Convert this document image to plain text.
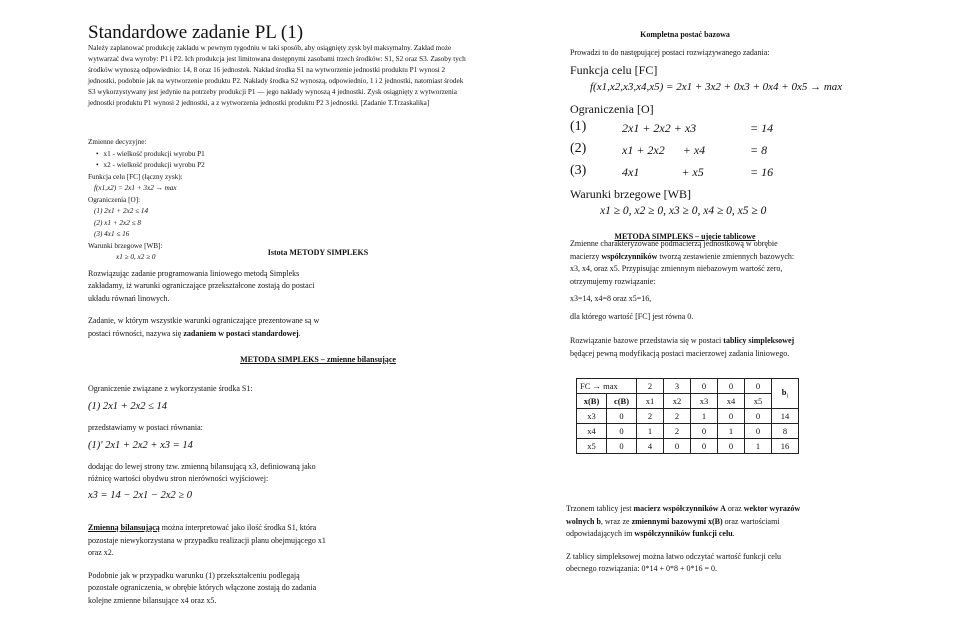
Standardowe zadanie PL (1)
Należy zaplanować produkcję zakładu w pewnym tygodniu w taki sposób, aby osiągnięty zysk był maksymalny. Zakład może wytwarzać dwa wyroby: P1 i P2. Ich produkcja jest limitowana dostępnymi zasobami trzech środków: S1, S2 oraz S3. Zasoby tych środków wynoszą odpowiednio: 14, 8 oraz 16 jednostek. Nakład środka S1 na wytworzenie jednostki produktu P1 wynosi 2 jednostki, podobnie jak na wytworzenie produktu P2. Nakłady środka S2 wynoszą, odpowiednio, 1 i 2 jednostki, natomiast środek S3 wykorzystywany jest jedynie na potrzeby produkcji P1 — jego nakłady wynoszą 4 jednostki. Zysk osiągnięty z wytworzenia jednostki produktu P1 wynosi 2 jednostki, a z wytworzenia jednostki produktu P2 3 jednostki. [Zadanie T.Trzaskalika]
Zmienne decyzyjne:
• x1 - wielkość produkcji wyrobu P1
• x2 - wielkość produkcji wyrobu P2
Funkcja celu [FC] (łączny zysk):
f(x1,x2) = 2x1 + 3x2 → max
Ograniczenia [O]:
(1) 2x1 + 2x2 ≤ 14
(2) x1 + 2x2 ≤ 8
(3) 4x1 ≤ 16
Warunki brzegowe [WB]:
x1 ≥ 0, x2 ≥ 0	Istota METODY SIMPLEKS

Rozwiązując zadanie programowania liniowego metodą Simpleks zakładamy, iż warunki ograniczające przekształcone zostają do postaci układu równań linowych.

Zadanie, w którym wszystkie warunki ograniczające prezentowane są w postaci równości, nazywa się zadaniem w postaci standardowej.

METODA SIMPLEKS – zmienne bilansujące

Ograniczenie związane z wykorzystanie środka S1:

(1) 2x1 + 2x2 ≤ 14

przedstawiamy w postaci równania:

(1)' 2x1 + 2x2 + x3 = 14

dodając do lewej strony tzw. zmienną bilansującą x3, definiowaną jako różnicę wartości obydwu stron nierówności wyjściowej:

x3 = 14 − 2x1 − 2x2 ≥ 0

Zmienną bilansującą można interpretować jako ilość środka S1, która pozostaje niewykorzystana w przypadku realizacji planu obejmującego x1 oraz x2.

Podobnie jak w przypadku warunku (1) przekształceniu podlegają pozostałe ograniczenia, w obrębie których włączone zostają do zadania kolejne zmienne bilansujące x4 oraz x5.

Kompletna postać bazowa
Prowadzi to do następującej postaci rozwiązywanego zadania:
Funkcja celu [FC]
f(x1,x2,x3,x4,x5) = 2x1 + 3x2 + 0x3 + 0x4 + 0x5 → max
Ograniczenia [O]
(1)	2x1 + 2x2 + x3	= 14
(2)	x1 + 2x2      + x4	= 8
(3)	4x1              + x5	= 16
Warunki brzegowe [WB]
x1 ≥ 0, x2 ≥ 0, x3 ≥ 0, x4 ≥ 0, x5 ≥ 0
METODA SIMPLEKS – ujęcie tablicowe

Zmienne charakteryzowane podmacierzą jednostkową w obrębie macierzy współczynników tworzą zestawienie zmiennych bazowych: x3, x4, oraz x5. Przypisując zmiennym niebazowym wartość zero, otrzymujemy rozwiązanie:

x3=14, x4=8 oraz x5=16,
dla którego wartość [FC] jest równa 0.

Rozwiązanie bazowe przedstawia się w postaci tablicy simpleksowej będącej pewną modyfikacją postaci macierzowej zadania liniowego.

FC → max		2	3	0	0	0	$b_i$
x(B)	c(B)	x1	x2	x3	x4	x5	
x3	0	2	2	1	0	0	14
x4	0	1	2	0	1	0	8
x5	0	4	0	0	0	1	16

Trzonem tablicy jest macierz współczynników A oraz wektor wyrazów wolnych b, wraz ze zmiennymi bazowymi x(B) oraz wartościami odpowiadających im współczynników funkcji celu.

Z tablicy simpleksowej można łatwo odczytać wartość funkcji celu obecnego rozwiązania: 0*14 + 0*8 + 0*16 = 0.
